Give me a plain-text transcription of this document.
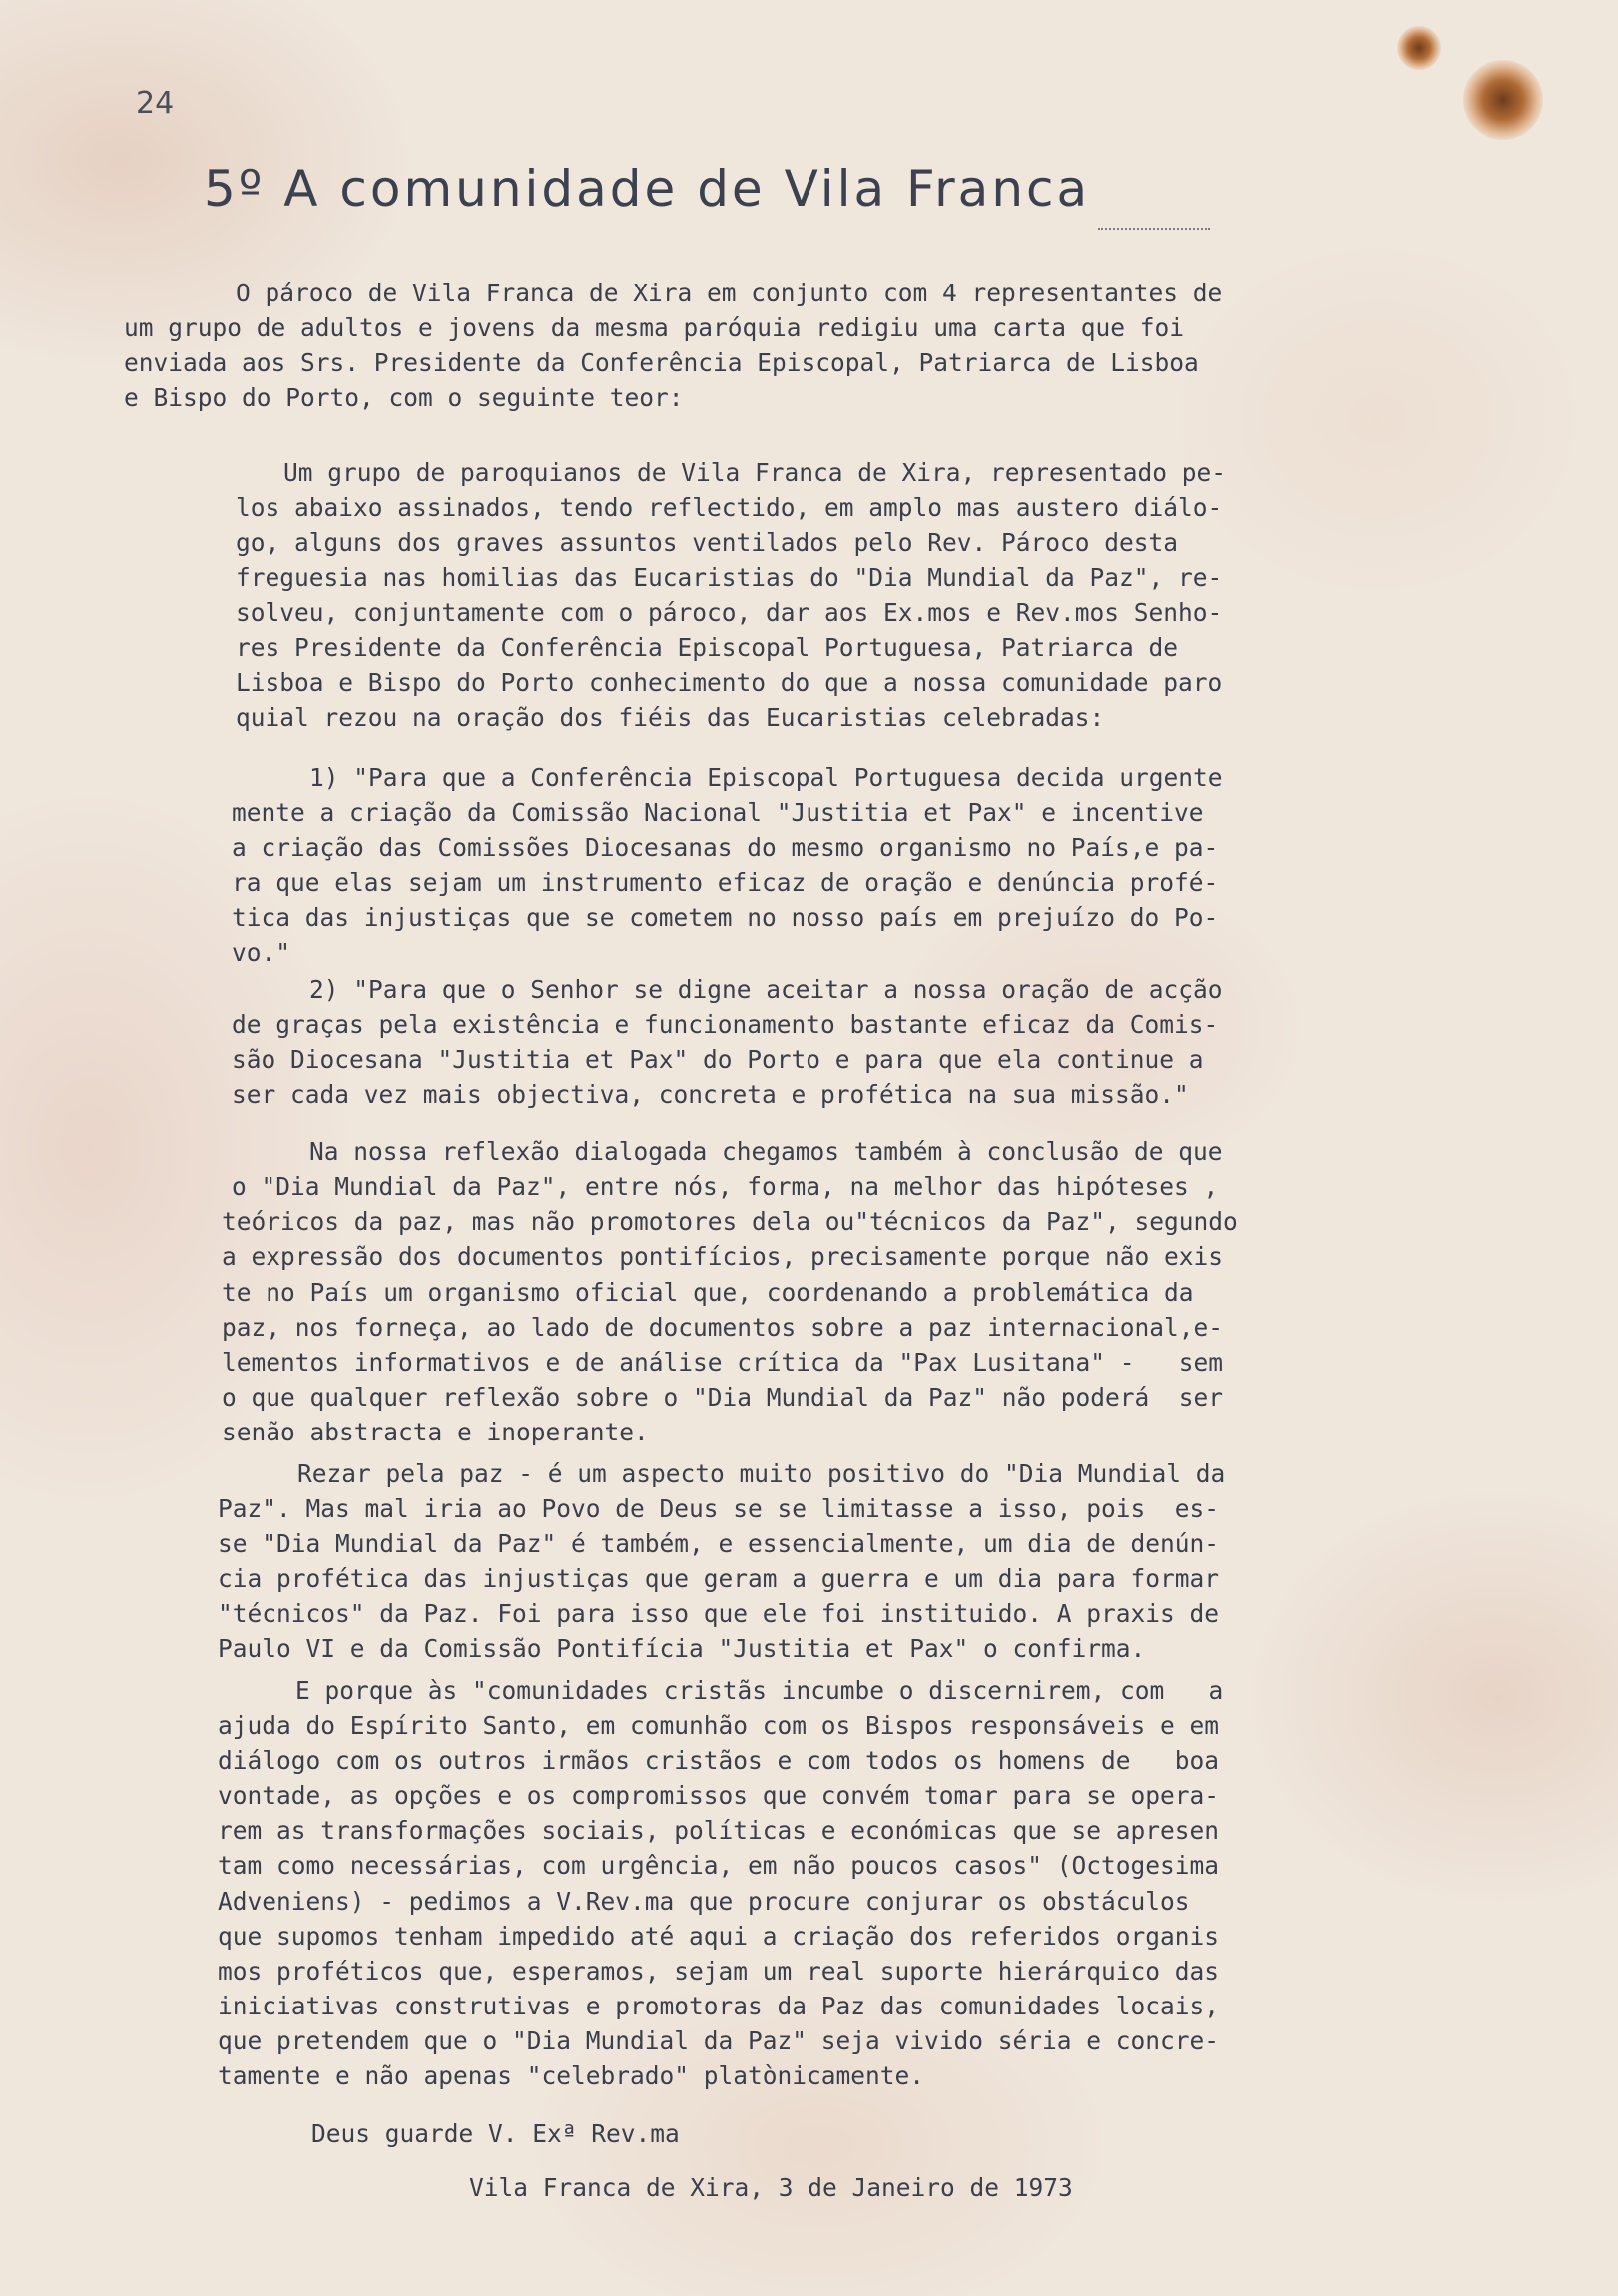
24
5º A comunidade de Vila Franca
O pároco de Vila Franca de Xira em conjunto com 4 representantes de
um grupo de adultos e jovens da mesma paróquia redigiu uma carta que foi
enviada aos Srs. Presidente da Conferência Episcopal, Patriarca de Lisboa
e Bispo do Porto, com o seguinte teor:
Um grupo de paroquianos de Vila Franca de Xira, representado pe-
los abaixo assinados, tendo reflectido, em amplo mas austero diálo-
go, alguns dos graves assuntos ventilados pelo Rev. Pároco desta
freguesia nas homilias das Eucaristias do "Dia Mundial da Paz", re-
solveu, conjuntamente com o pároco, dar aos Ex.mos e Rev.mos Senho-
res Presidente da Conferência Episcopal Portuguesa, Patriarca de
Lisboa e Bispo do Porto conhecimento do que a nossa comunidade paro
quial rezou na oração dos fiéis das Eucaristias celebradas:
1) "Para que a Conferência Episcopal Portuguesa decida urgente
mente a criação da Comissão Nacional "Justitia et Pax" e incentive
a criação das Comissões Diocesanas do mesmo organismo no País,e pa-
ra que elas sejam um instrumento eficaz de oração e denúncia profé-
tica das injustiças que se cometem no nosso país em prejuízo do Po-
vo."
2) "Para que o Senhor se digne aceitar a nossa oração de acção
de graças pela existência e funcionamento bastante eficaz da Comis-
são Diocesana "Justitia et Pax" do Porto e para que ela continue a
ser cada vez mais objectiva, concreta e profética na sua missão."
Na nossa reflexão dialogada chegamos também à conclusão de que
o "Dia Mundial da Paz", entre nós, forma, na melhor das hipóteses ,
teóricos da paz, mas não promotores dela ou"técnicos da Paz", segundo
a expressão dos documentos pontifícios, precisamente porque não exis
te no País um organismo oficial que, coordenando a problemática da
paz, nos forneça, ao lado de documentos sobre a paz internacional,e-
lementos informativos e de análise crítica da "Pax Lusitana" -   sem
o que qualquer reflexão sobre o "Dia Mundial da Paz" não poderá  ser
senão abstracta e inoperante.
Rezar pela paz - é um aspecto muito positivo do "Dia Mundial da
Paz". Mas mal iria ao Povo de Deus se se limitasse a isso, pois  es-
se "Dia Mundial da Paz" é também, e essencialmente, um dia de denún-
cia profética das injustiças que geram a guerra e um dia para formar
"técnicos" da Paz. Foi para isso que ele foi instituido. A praxis de
Paulo VI e da Comissão Pontifícia "Justitia et Pax" o confirma.
E porque às "comunidades cristãs incumbe o discernirem, com   a
ajuda do Espírito Santo, em comunhão com os Bispos responsáveis e em
diálogo com os outros irmãos cristãos e com todos os homens de   boa
vontade, as opções e os compromissos que convém tomar para se opera-
rem as transformações sociais, políticas e económicas que se apresen
tam como necessárias, com urgência, em não poucos casos" (Octogesima
Adveniens) - pedimos a V.Rev.ma que procure conjurar os obstáculos
que supomos tenham impedido até aqui a criação dos referidos organis
mos proféticos que, esperamos, sejam um real suporte hierárquico das
iniciativas construtivas e promotoras da Paz das comunidades locais,
que pretendem que o "Dia Mundial da Paz" seja vivido séria e concre-
tamente e não apenas "celebrado" platònicamente.
Deus guarde V. Exª Rev.ma
Vila Franca de Xira, 3 de Janeiro de 1973
